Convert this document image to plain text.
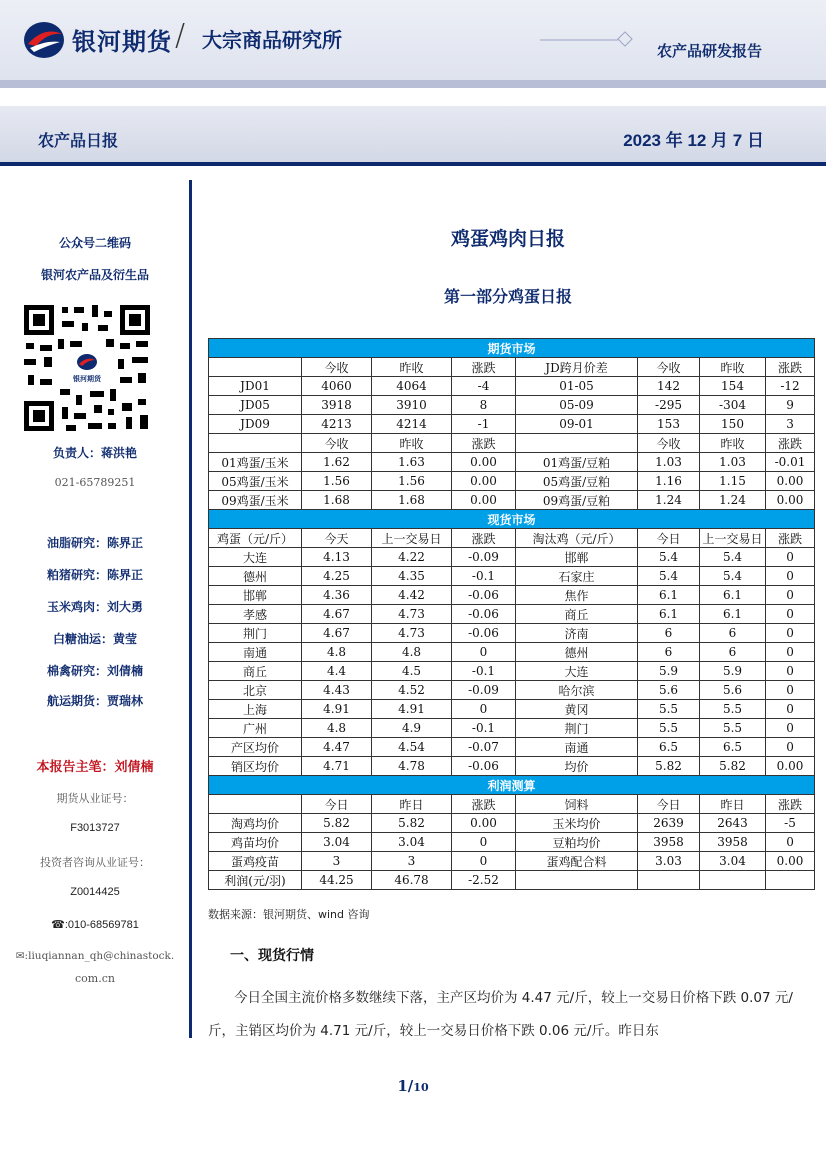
银河期货 / 大宗商品研究所	农产品研发报告
农产品日报	2023 年 12 月 7 日
公众号二维码
银河农产品及衍生品
银河期货
负责人：蒋洪艳
021-65789251
油脂研究：陈界正
粕猪研究：陈界正
玉米鸡肉：刘大勇
白糖油运：黄莹
棉禽研究：刘倩楠
航运期货：贾瑞林
本报告主笔：刘倩楠
期货从业证号：
F3013727
投资者咨询从业证号：
Z0014425
☎:010-68569781
✉:liuqiannan_qh@chinastock.
com.cn
鸡蛋鸡肉日报
第一部分鸡蛋日报
期货市场							
	今收	昨收	涨跌	JD跨月价差	今收	昨收	涨跌
JD01	4060	4064	-4	01-05	142	154	-12
JD05	3918	3910	8	05-09	-295	-304	9
JD09	4213	4214	-1	09-01	153	150	3
	今收	昨收	涨跌		今收	昨收	涨跌
01鸡蛋/玉米	1.62	1.63	0.00	01鸡蛋/豆粕	1.03	1.03	-0.01
05鸡蛋/玉米	1.56	1.56	0.00	05鸡蛋/豆粕	1.16	1.15	0.00
09鸡蛋/玉米	1.68	1.68	0.00	09鸡蛋/豆粕	1.24	1.24	0.00
现货市场							
鸡蛋（元/斤）	今天	上一交易日	涨跌	淘汰鸡（元/斤）	今日	上一交易日	涨跌
大连	4.13	4.22	-0.09	邯郸	5.4	5.4	0
德州	4.25	4.35	-0.1	石家庄	5.4	5.4	0
邯郸	4.36	4.42	-0.06	焦作	6.1	6.1	0
孝感	4.67	4.73	-0.06	商丘	6.1	6.1	0
荆门	4.67	4.73	-0.06	济南	6	6	0
南通	4.8	4.8	0	德州	6	6	0
商丘	4.4	4.5	-0.1	大连	5.9	5.9	0
北京	4.43	4.52	-0.09	哈尔滨	5.6	5.6	0
上海	4.91	4.91	0	黄冈	5.5	5.5	0
广州	4.8	4.9	-0.1	荆门	5.5	5.5	0
产区均价	4.47	4.54	-0.07	南通	6.5	6.5	0
销区均价	4.71	4.78	-0.06	均价	5.82	5.82	0.00
利润测算							
	今日	昨日	涨跌	饲料	今日	昨日	涨跌
淘鸡均价	5.82	5.82	0.00	玉米均价	2639	2643	-5
鸡苗均价	3.04	3.04	0	豆粕均价	3958	3958	0
蛋鸡疫苗	3	3	0	蛋鸡配合料	3.03	3.04	0.00
利润(元/羽)	44.25	46.78	-2.52				
数据来源：银河期货、wind 咨询
一、现货行情
今日全国主流价格多数继续下落，主产区均价为 4.47 元/斤，较上一交易日价格下跌 0.07 元/斤，主销区均价为 4.71 元/斤，较上一交易日价格下跌 0.06 元/斤。昨日东
1/10
